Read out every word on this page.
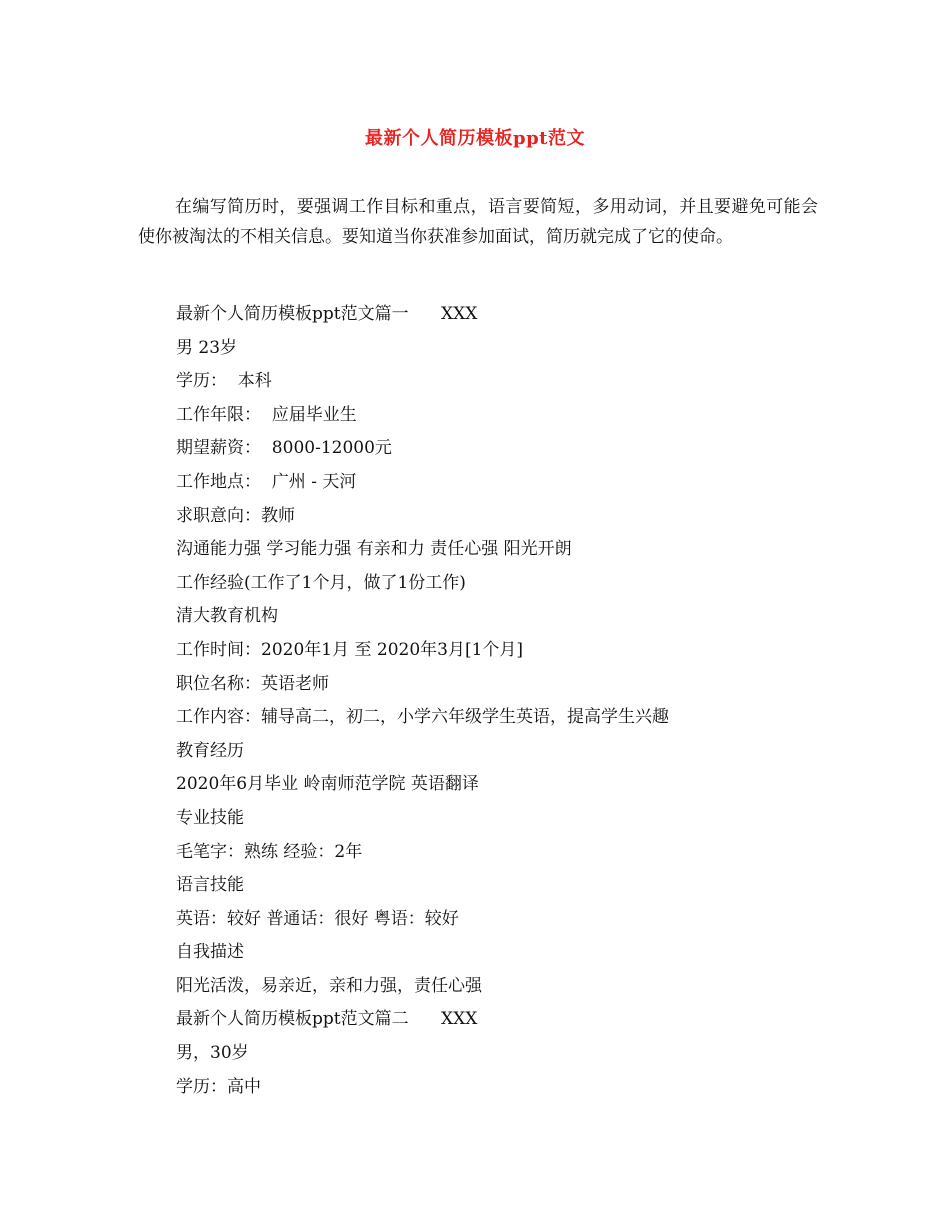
最新个人简历模板ppt范文
在编写简历时，要强调工作目标和重点，语言要简短，多用动词，并且要避免可能会使你被淘汰的不相关信息。要知道当你获准参加面试，简历就完成了它的使命。
最新个人简历模板ppt范文篇一      XXX
男 23岁
学历：  本科
工作年限：  应届毕业生
期望薪资：  8000-12000元
工作地点：  广州 - 天河
求职意向：教师
沟通能力强 学习能力强 有亲和力 责任心强 阳光开朗
工作经验(工作了1个月，做了1份工作)
清大教育机构
工作时间：2020年1月 至 2020年3月[1个月]
职位名称：英语老师
工作内容：辅导高二，初二，小学六年级学生英语，提高学生兴趣
教育经历
2020年6月毕业 岭南师范学院 英语翻译
专业技能
毛笔字：熟练 经验：2年
语言技能
英语：较好 普通话：很好 粤语：较好
自我描述
阳光活泼，易亲近，亲和力强，责任心强
最新个人简历模板ppt范文篇二      XXX
男，30岁
学历：高中
